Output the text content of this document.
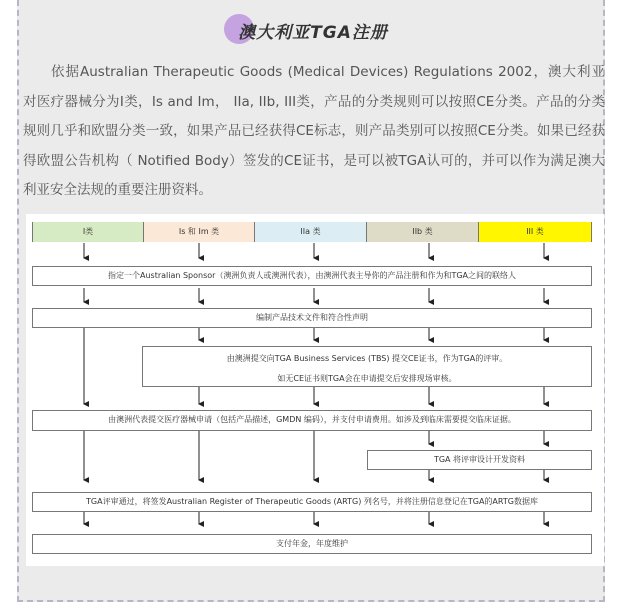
澳大利亚TGA注册
依据Australian Therapeutic Goods (Medical Devices) Regulations 2002，澳大利亚对医疗器械分为I类，Is and Im， IIa, IIb, III类，产品的分类规则可以按照CE分类。产品的分类规则几乎和欧盟分类一致，如果产品已经获得CE标志，则产品类别可以按照CE分类。如果已经获得欧盟公告机构（ Notified Body）签发的CE证书，是可以被TGA认可的，并可以作为满足澳大利亚安全法规的重要注册资料。
I类	Is 和 Im 类	IIa 类	IIb 类	III 类
指定一个Australian Sponsor（澳洲负责人或澳洲代表），由澳洲代表主导你的产品注册和作为和TGA之间的联络人
编制产品技术文件和符合性声明
由澳洲提交向TGA Business Services (TBS) 提交CE证书，作为TGA的评审。
如无CE证书则TGA会在申请提交后安排现场审核。
由澳洲代表提交医疗器械申请（包括产品描述，GMDN 编码），并支付申请费用。如涉及到临床需要提交临床证据。
TGA 将评审设计开发资料
TGA评审通过，将签发Australian Register of Therapeutic Goods (ARTG) 列名号，并将注册信息登记在TGA的ARTG数据库
支付年金，年度维护
